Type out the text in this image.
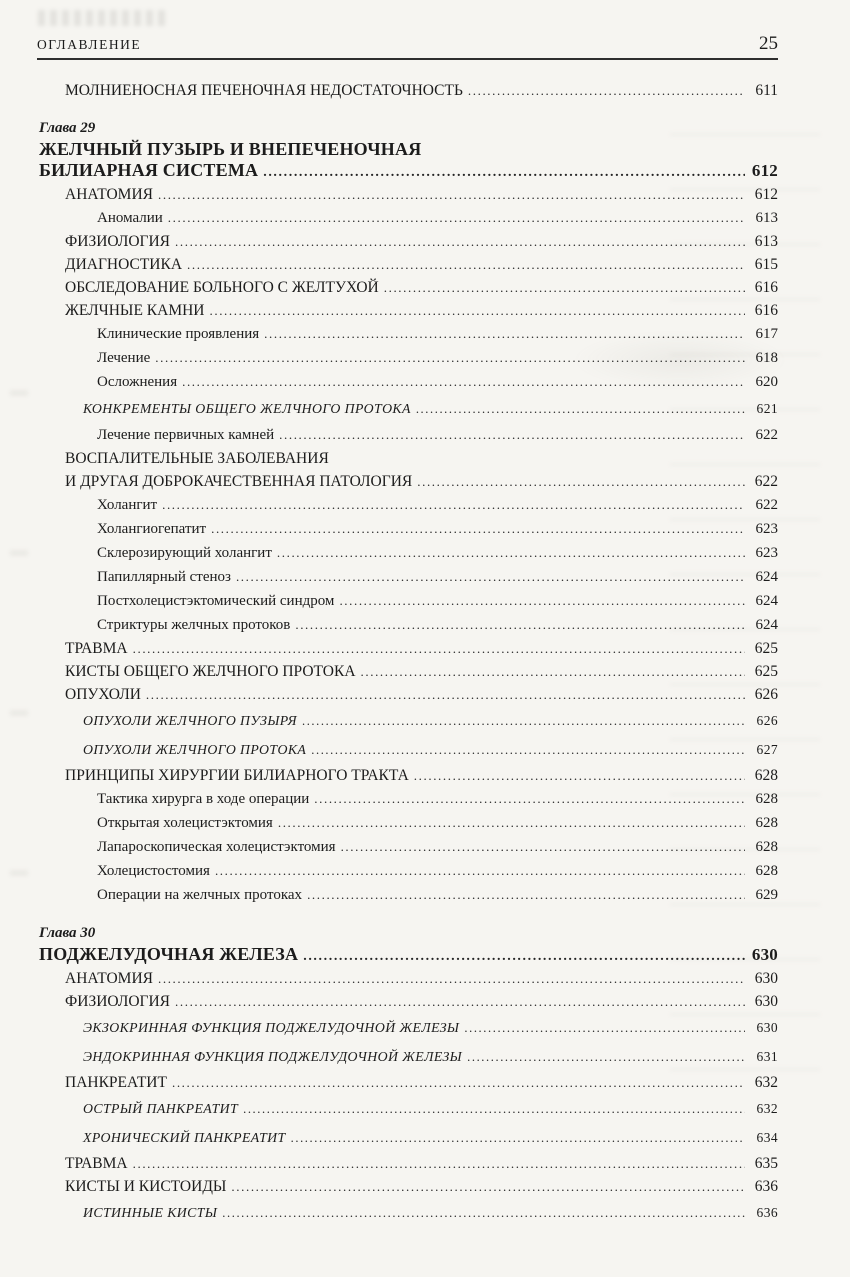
ОГЛАВЛЕНИЕ	25
МОЛНИЕНОСНАЯ ПЕЧЕНОЧНАЯ НЕДОСТАТОЧНОСТЬ .....	611
Глава 29
ЖЕЛЧНЫЙ ПУЗЫРЬ И ВНЕПЕЧЕНОЧНАЯ
БИЛИАРНАЯ СИСТЕМА .....	612
АНАТОМИЯ .....	612
Аномалии .....	613
ФИЗИОЛОГИЯ .....	613
ДИАГНОСТИКА .....	615
ОБСЛЕДОВАНИЕ БОЛЬНОГО С ЖЕЛТУХОЙ .....	616
ЖЕЛЧНЫЕ КАМНИ .....	616
Клинические проявления .....	617
Лечение .....	618
Осложнения .....	620
КОНКРЕМЕНТЫ ОБЩЕГО ЖЕЛЧНОГО ПРОТОКА .....	621
Лечение первичных камней .....	622
ВОСПАЛИТЕЛЬНЫЕ ЗАБОЛЕВАНИЯ
И ДРУГАЯ ДОБРОКАЧЕСТВЕННАЯ ПАТОЛОГИЯ .....	622
Холангит .....	622
Холангиогепатит .....	623
Склерозирующий холангит .....	623
Папиллярный стеноз .....	624
Постхолецистэктомический синдром .....	624
Стриктуры желчных протоков .....	624
ТРАВМА .....	625
КИСТЫ ОБЩЕГО ЖЕЛЧНОГО ПРОТОКА .....	625
ОПУХОЛИ .....	626
ОПУХОЛИ ЖЕЛЧНОГО ПУЗЫРЯ .....	626
ОПУХОЛИ ЖЕЛЧНОГО ПРОТОКА .....	627
ПРИНЦИПЫ ХИРУРГИИ БИЛИАРНОГО ТРАКТА .....	628
Тактика хирурга в ходе операции .....	628
Открытая холецистэктомия .....	628
Лапароскопическая холецистэктомия .....	628
Холецистостомия .....	628
Операции на желчных протоках .....	629
Глава 30
ПОДЖЕЛУДОЧНАЯ ЖЕЛЕЗА .....	630
АНАТОМИЯ .....	630
ФИЗИОЛОГИЯ .....	630
ЭКЗОКРИННАЯ ФУНКЦИЯ ПОДЖЕЛУДОЧНОЙ ЖЕЛЕЗЫ .....	630
ЭНДОКРИННАЯ ФУНКЦИЯ ПОДЖЕЛУДОЧНОЙ ЖЕЛЕЗЫ .....	631
ПАНКРЕАТИТ .....	632
ОСТРЫЙ ПАНКРЕАТИТ .....	632
ХРОНИЧЕСКИЙ ПАНКРЕАТИТ .....	634
ТРАВМА .....	635
КИСТЫ И КИСТОИДЫ .....	636
ИСТИННЫЕ КИСТЫ .....	636
